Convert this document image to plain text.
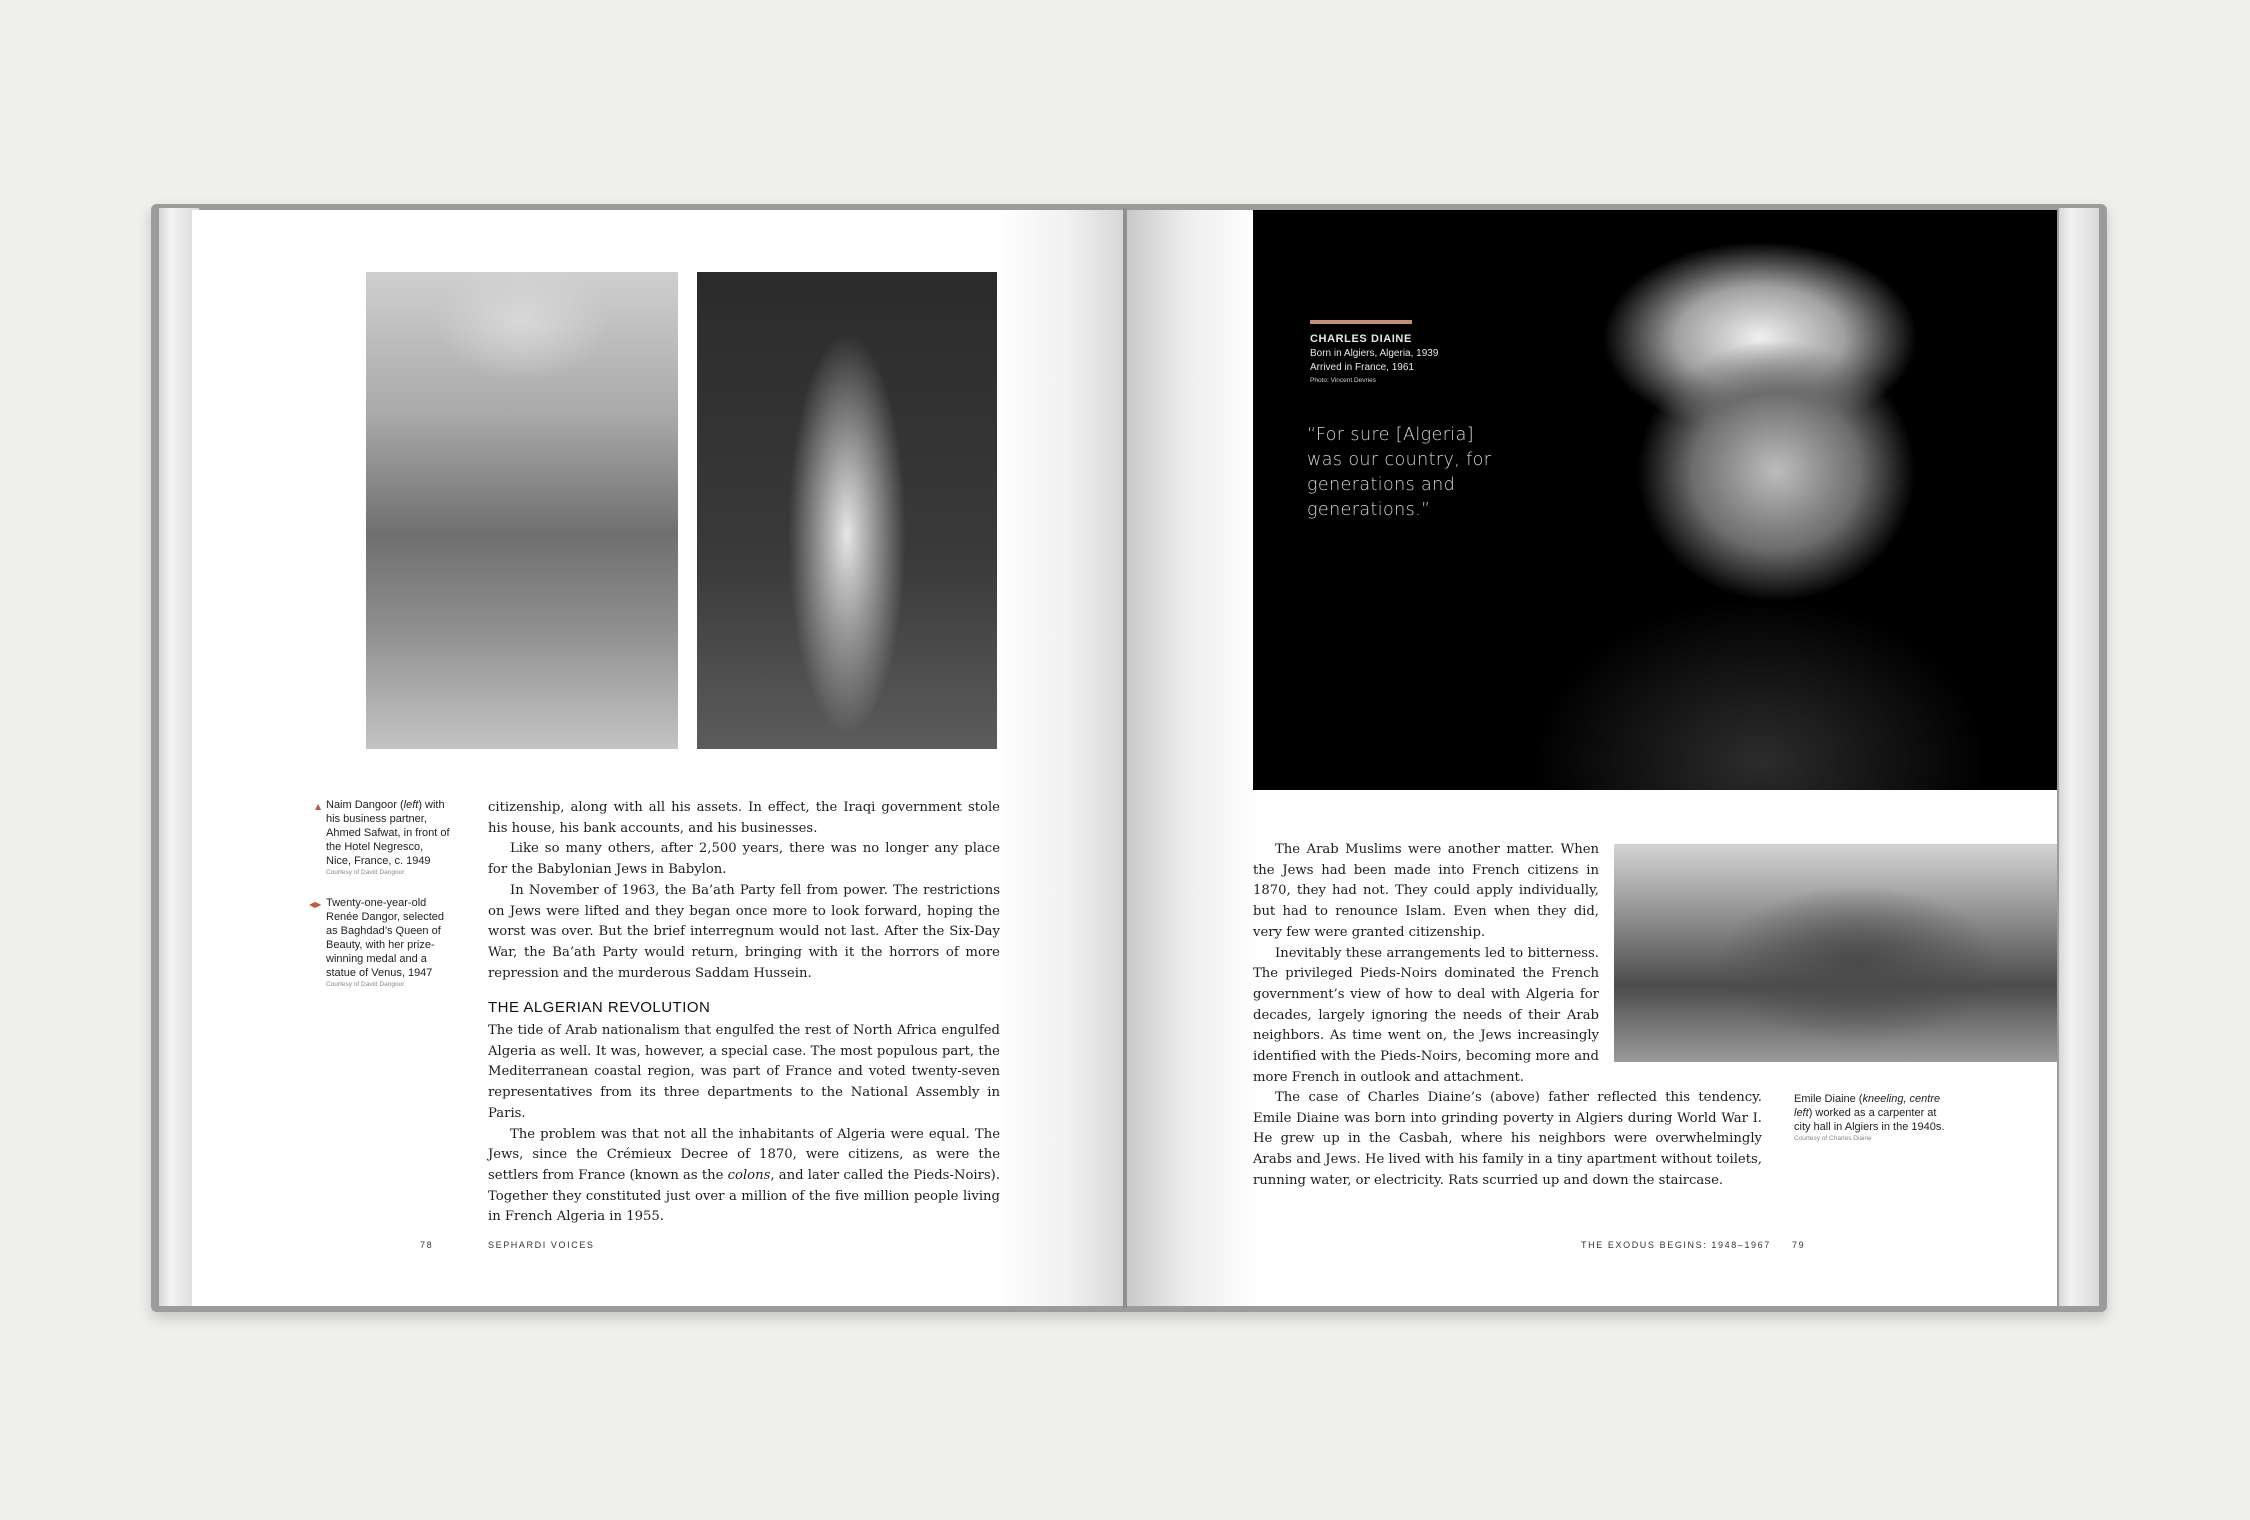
▲ Naim Dangoor (left) with his business partner, Ahmed Safwat, in front of the Hotel Negresco, Nice, France, c. 1949
Courtesy of David Dangoor
◀▶ Twenty-one-year-old Renée Dangor, selected as Baghdad’s Queen of Beauty, with her prize-winning medal and a statue of Venus, 1947
Courtesy of David Dangoor

citizenship, along with all his assets. In effect, the Iraqi government stole his house, his bank accounts, and his businesses.

Like so many others, after 2,500 years, there was no longer any place for the Babylonian Jews in Babylon.

In November of 1963, the Ba’ath Party fell from power. The restrictions on Jews were lifted and they began once more to look forward, hoping the worst was over. But the brief interregnum would not last. After the Six-Day War, the Ba’ath Party would return, bringing with it the horrors of more repression and the murderous Saddam Hussein.

THE ALGERIAN REVOLUTION

The tide of Arab nationalism that engulfed the rest of North Africa engulfed Algeria as well. It was, however, a special case. The most populous part, the Mediterranean coastal region, was part of France and voted twenty-seven representatives from its three departments to the National Assembly in Paris.

The problem was that not all the inhabitants of Algeria were equal. The Jews, since the Crémieux Decree of 1870, were citizens, as were the settlers from France (known as the colons, and later called the Pieds-Noirs). Together they constituted just over a million of the five million people living in French Algeria in 1955.

78	SEPHARDI VOICES
CHARLES DIAINE
Born in Algiers, Algeria, 1939
Arrived in France, 1961
Photo: Vincent Devries
“For sure [Algeria] was our country, for generations and generations.”

The Arab Muslims were another matter. When the Jews had been made into French citizens in 1870, they had not. They could apply individually, but had to renounce Islam. Even when they did, very few were granted citizenship.

Inevitably these arrangements led to bitterness. The privileged Pieds-Noirs dominated the French government’s view of how to deal with Algeria for decades, largely ignoring the needs of their Arab neighbors. As time went on, the Jews increasingly identified with the Pieds-Noirs, becoming more and more French in outlook and attachment.

The case of Charles Diaine’s (above) father reflected this tendency. Emile Diaine was born into grinding poverty in Algiers during World War I. He grew up in the Casbah, where his neighbors were overwhelmingly Arabs and Jews. He lived with his family in a tiny apartment without toilets, running water, or electricity. Rats scurried up and down the staircase.

Emile Diaine (kneeling, centre left) worked as a carpenter at city hall in Algiers in the 1940s.
Courtesy of Charles Diaine
THE EXODUS BEGINS: 1948–1967 79
